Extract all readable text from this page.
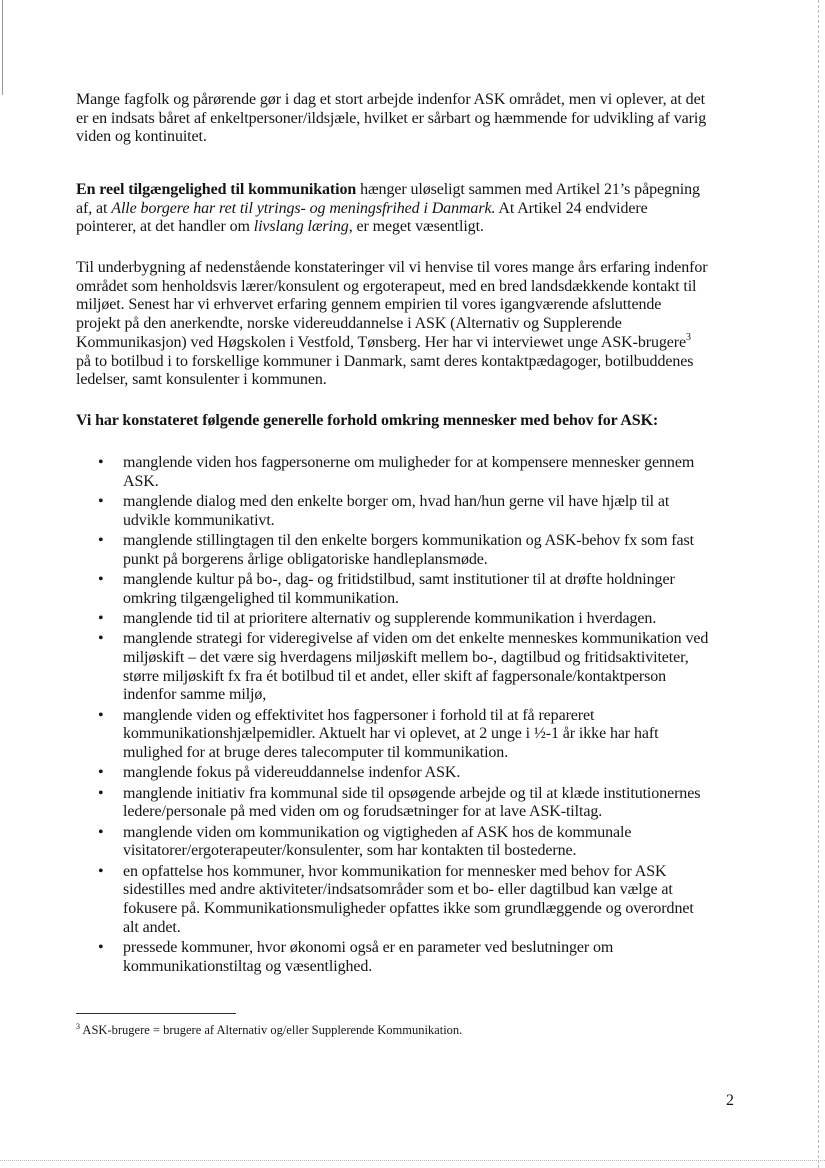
Mange fagfolk og pårørende gør i dag et stort arbejde indenfor ASK området, men vi oplever, at det
er en indsats båret af enkeltpersoner/ildsjæle, hvilket er sårbart og hæmmende for udvikling af varig
viden og kontinuitet.

En reel tilgængelighed til kommunikation hænger uløseligt sammen med Artikel 21’s påpegning
af, at Alle borgere har ret til ytrings- og meningsfrihed i Danmark. At Artikel 24 endvidere
pointerer, at det handler om livslang læring, er meget væsentligt.

Til underbygning af nedenstående konstateringer vil vi henvise til vores mange års erfaring indenfor
området som henholdsvis lærer/konsulent og ergoterapeut, med en bred landsdækkende kontakt til
miljøet. Senest har vi erhvervet erfaring gennem empirien til vores igangværende afsluttende
projekt på den anerkendte, norske videreuddannelse i ASK (Alternativ og Supplerende
Kommunikasjon) ved Høgskolen i Vestfold, Tønsberg. Her har vi interviewet unge ASK-brugere$^3$
på to botilbud i to forskellige kommuner i Danmark, samt deres kontaktpædagoger, botilbuddenes
ledelser, samt konsulenter i kommunen.

Vi har konstateret følgende generelle forhold omkring mennesker med behov for ASK:

• manglende viden hos fagpersonerne om muligheder for at kompensere mennesker gennem
ASK.
• manglende dialog med den enkelte borger om, hvad han/hun gerne vil have hjælp til at
udvikle kommunikativt.
• manglende stillingtagen til den enkelte borgers kommunikation og ASK-behov fx som fast
punkt på borgerens årlige obligatoriske handleplansmøde.
• manglende kultur på bo-, dag- og fritidstilbud, samt institutioner til at drøfte holdninger
omkring tilgængelighed til kommunikation.
• manglende tid til at prioritere alternativ og supplerende kommunikation i hverdagen.
• manglende strategi for videregivelse af viden om det enkelte menneskes kommunikation ved
miljøskift – det være sig hverdagens miljøskift mellem bo-, dagtilbud og fritidsaktiviteter,
større miljøskift fx fra ét botilbud til et andet, eller skift af fagpersonale/kontaktperson
indenfor samme miljø,
• manglende viden og effektivitet hos fagpersoner i forhold til at få repareret
kommunikationshjælpemidler. Aktuelt har vi oplevet, at 2 unge i ½-1 år ikke har haft
mulighed for at bruge deres talecomputer til kommunikation.
• manglende fokus på videreuddannelse indenfor ASK.
• manglende initiativ fra kommunal side til opsøgende arbejde og til at klæde institutionernes
ledere/personale på med viden om og forudsætninger for at lave ASK-tiltag.
• manglende viden om kommunikation og vigtigheden af ASK hos de kommunale
visitatorer/ergoterapeuter/konsulenter, som har kontakten til bostederne.
• en opfattelse hos kommuner, hvor kommunikation for mennesker med behov for ASK
sidestilles med andre aktiviteter/indsatsområder som et bo- eller dagtilbud kan vælge at
fokusere på. Kommunikationsmuligheder opfattes ikke som grundlæggende og overordnet
alt andet.
• pressede kommuner, hvor økonomi også er en parameter ved beslutninger om
kommunikationstiltag og væsentlighed.
$^3$ ASK-brugere = brugere af Alternativ og/eller Supplerende Kommunikation.
2
